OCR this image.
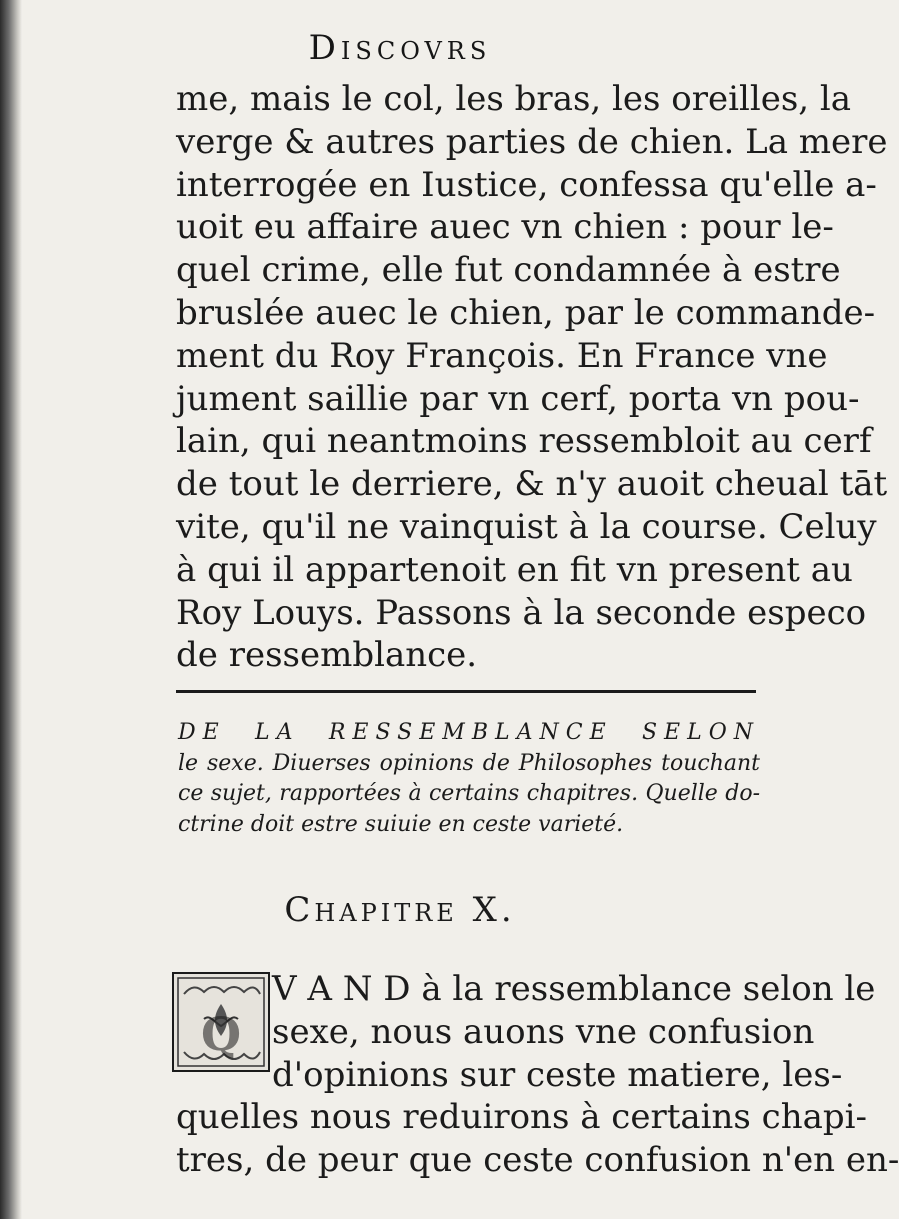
Discovrs
me, mais le col, les bras, les oreilles, la
verge & autres parties de chien. La mere
interrogée en Iustice, confessa qu'elle a-
uoit eu affaire auec vn chien : pour le-
quel crime, elle fut condamnée à estre
bruslée auec le chien, par le commande-
ment du Roy François. En France vne
jument saillie par vn cerf, porta vn pou-
lain, qui neantmoins ressembloit au cerf
de tout le derriere, & n'y auoit cheual tāt
vite, qu'il ne vainquist à la course. Celuy
à qui il appartenoit en fit vn present au
Roy Louys. Passons à la seconde especo
de ressemblance.
DE LA RESSEMBLANCE SELON
le sexe. Diuerses opinions de Philosophes touchant
ce sujet, rapportées à certains chapitres. Quelle do-
ctrine doit estre suiuie en ceste varieté.
Chapitre X.
Q
V A N D à la ressemblance selon le
sexe, nous auons vne confusion
d'opinions sur ceste matiere, les-
quelles nous reduirons à certains chapi-
tres, de peur que ceste confusion n'en en-
